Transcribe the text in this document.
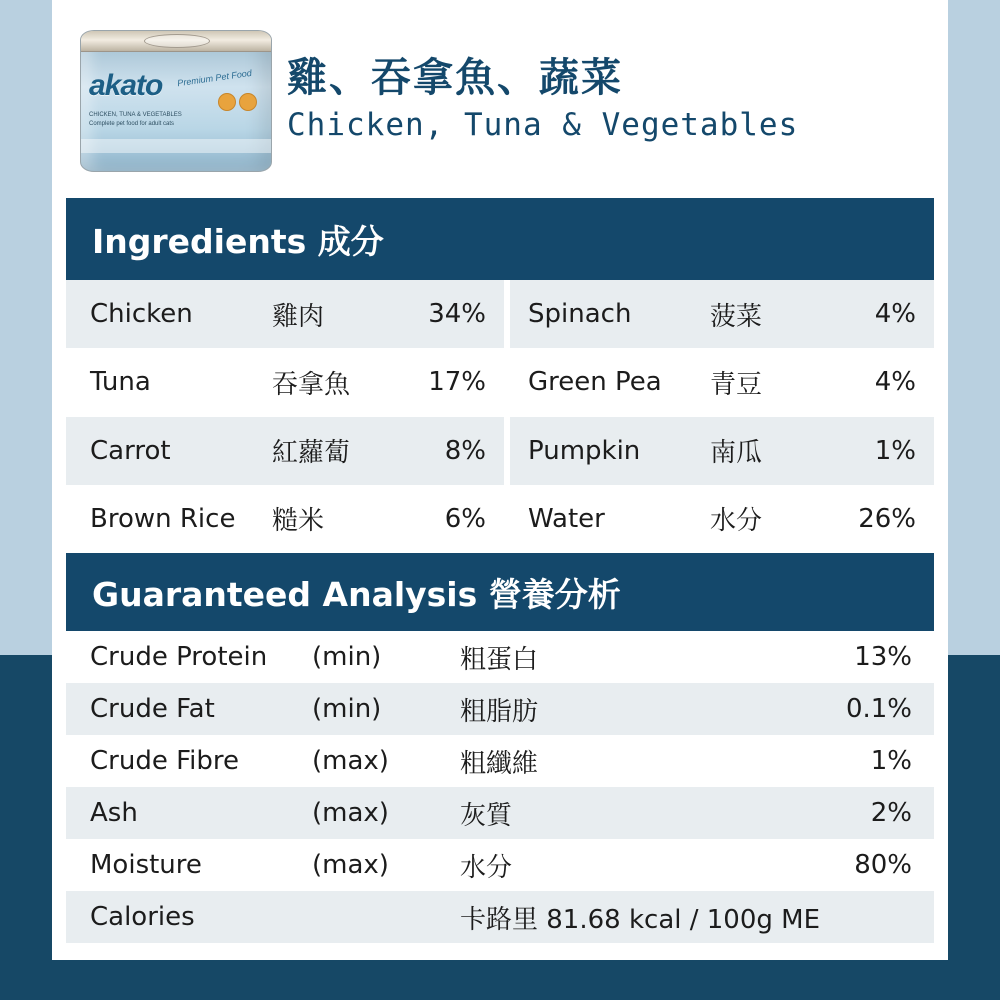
akato Premium Pet Food
CHICKEN, TUNA & VEGETABLES Complete pet food for adult cats
雞、吞拿魚、蔬菜
Chicken, Tuna & Vegetables
Ingredients 成分
Chicken	雞肉	34% Spinach	菠菜	4%
Tuna	吞拿魚	17% Green Pea	青豆	4%
Carrot	紅蘿蔔	8% Pumpkin	南瓜	1%
Brown Rice	糙米	6% Water	水分	26%
Guaranteed Analysis 營養分析
Crude Protein	(min)	粗蛋白	13%
Crude Fat	(min)	粗脂肪	0.1%
Crude Fibre	(max)	粗纖維	1%
Ash	(max)	灰質	2%
Moisture	(max)	水分	80%
Calories	卡路里 81.68 kcal / 100g ME
